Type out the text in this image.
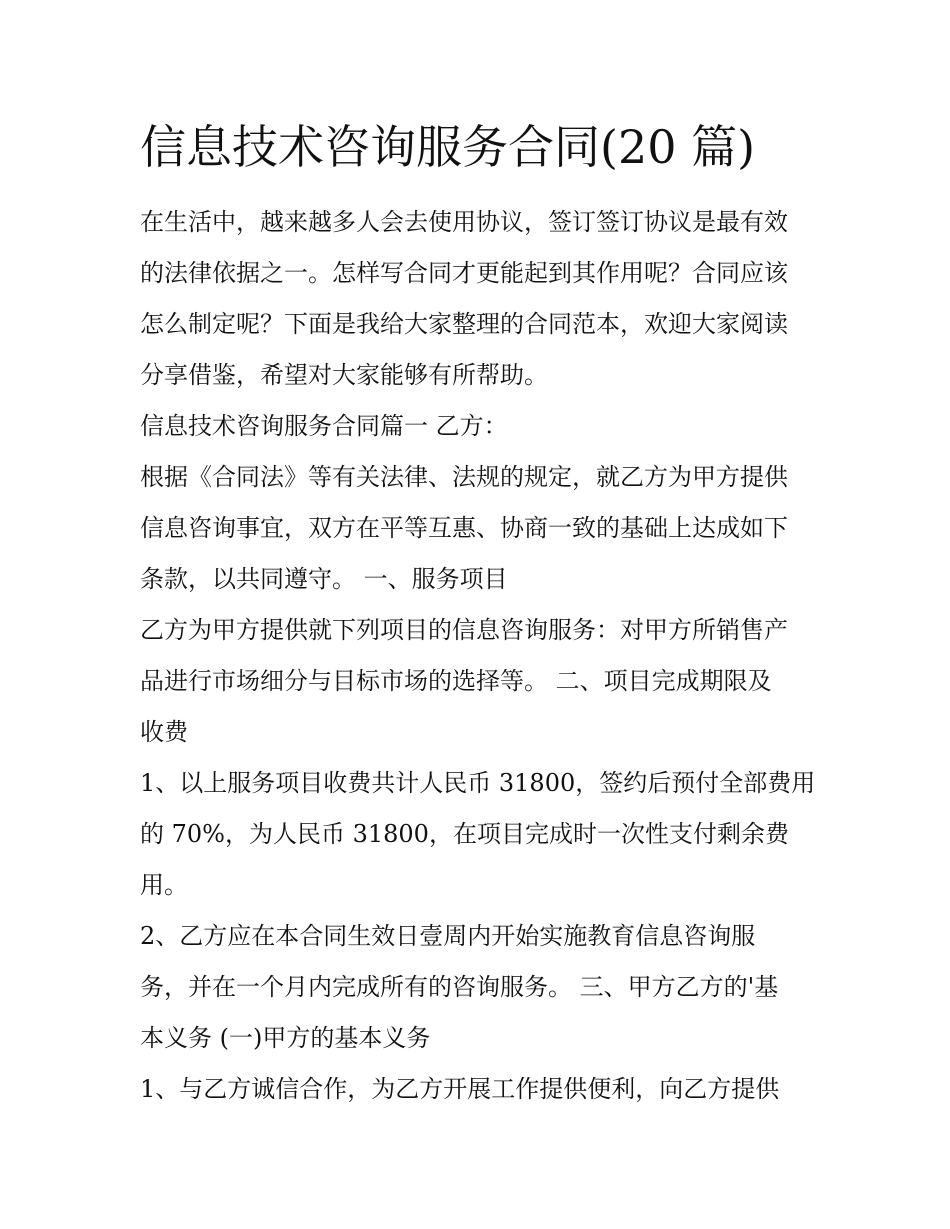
信息技术咨询服务合同(20 篇)

在生活中，越来越多人会去使用协议，签订签订协议是最有效

的法律依据之一。怎样写合同才更能起到其作用呢？合同应该

怎么制定呢？下面是我给大家整理的合同范本，欢迎大家阅读

分享借鉴，希望对大家能够有所帮助。

信息技术咨询服务合同篇一 乙方：

根据《合同法》等有关法律、法规的规定，就乙方为甲方提供

信息咨询事宜，双方在平等互惠、协商一致的基础上达成如下

条款，以共同遵守。 一、服务项目

乙方为甲方提供就下列项目的信息咨询服务：对甲方所销售产

品进行市场细分与目标市场的选择等。 二、项目完成期限及

收费

1、以上服务项目收费共计人民币 31800，签约后预付全部费用

的 70%，为人民币 31800，在项目完成时一次性支付剩余费

用。

2、乙方应在本合同生效日壹周内开始实施教育信息咨询服

务，并在一个月内完成所有的咨询服务。 三、甲方乙方的'基

本义务 (一)甲方的基本义务

1、与乙方诚信合作，为乙方开展工作提供便利，向乙方提供
